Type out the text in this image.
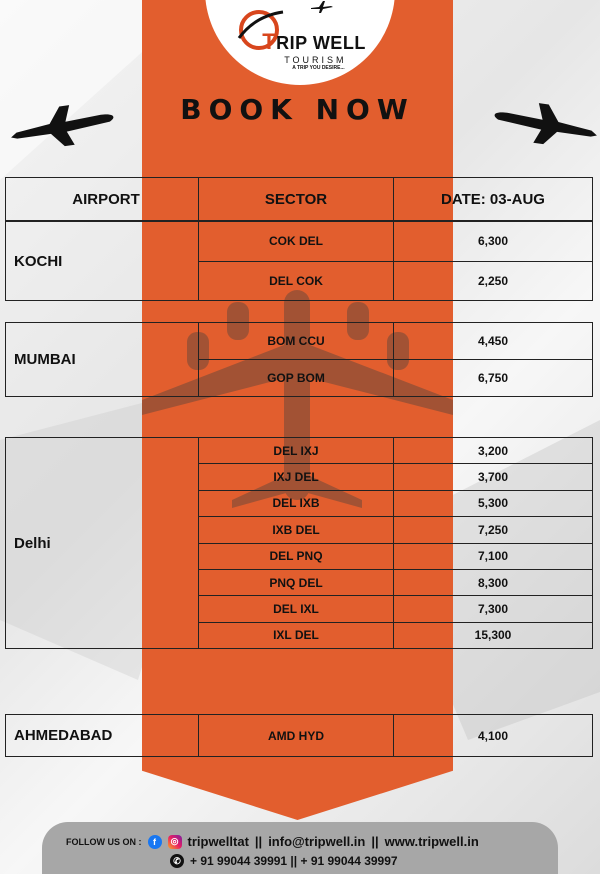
TRIP WELL
TOURISM
A TRIP YOU DESIRE...
BOOK NOW
AIRPORT	SECTOR	DATE: 03-AUG
KOCHI	COK DEL	6,300
	DEL COK	2,250
MUMBAI	BOM CCU	4,450
	GOP BOM	6,750
Delhi	DEL IXJ	3,200
	IXJ DEL	3,700
	DEL IXB	5,300
	IXB DEL	7,250
	DEL PNQ	7,100
	PNQ DEL	8,300
	DEL IXL	7,300
	IXL DEL	15,300
AHMEDABAD	AMD HYD	4,100
FOLLOW US ON :	f	◎ tripwelltat || info@tripwell.in || www.tripwell.in
✆ + 91 99044 39991 || + 91 99044 39997
